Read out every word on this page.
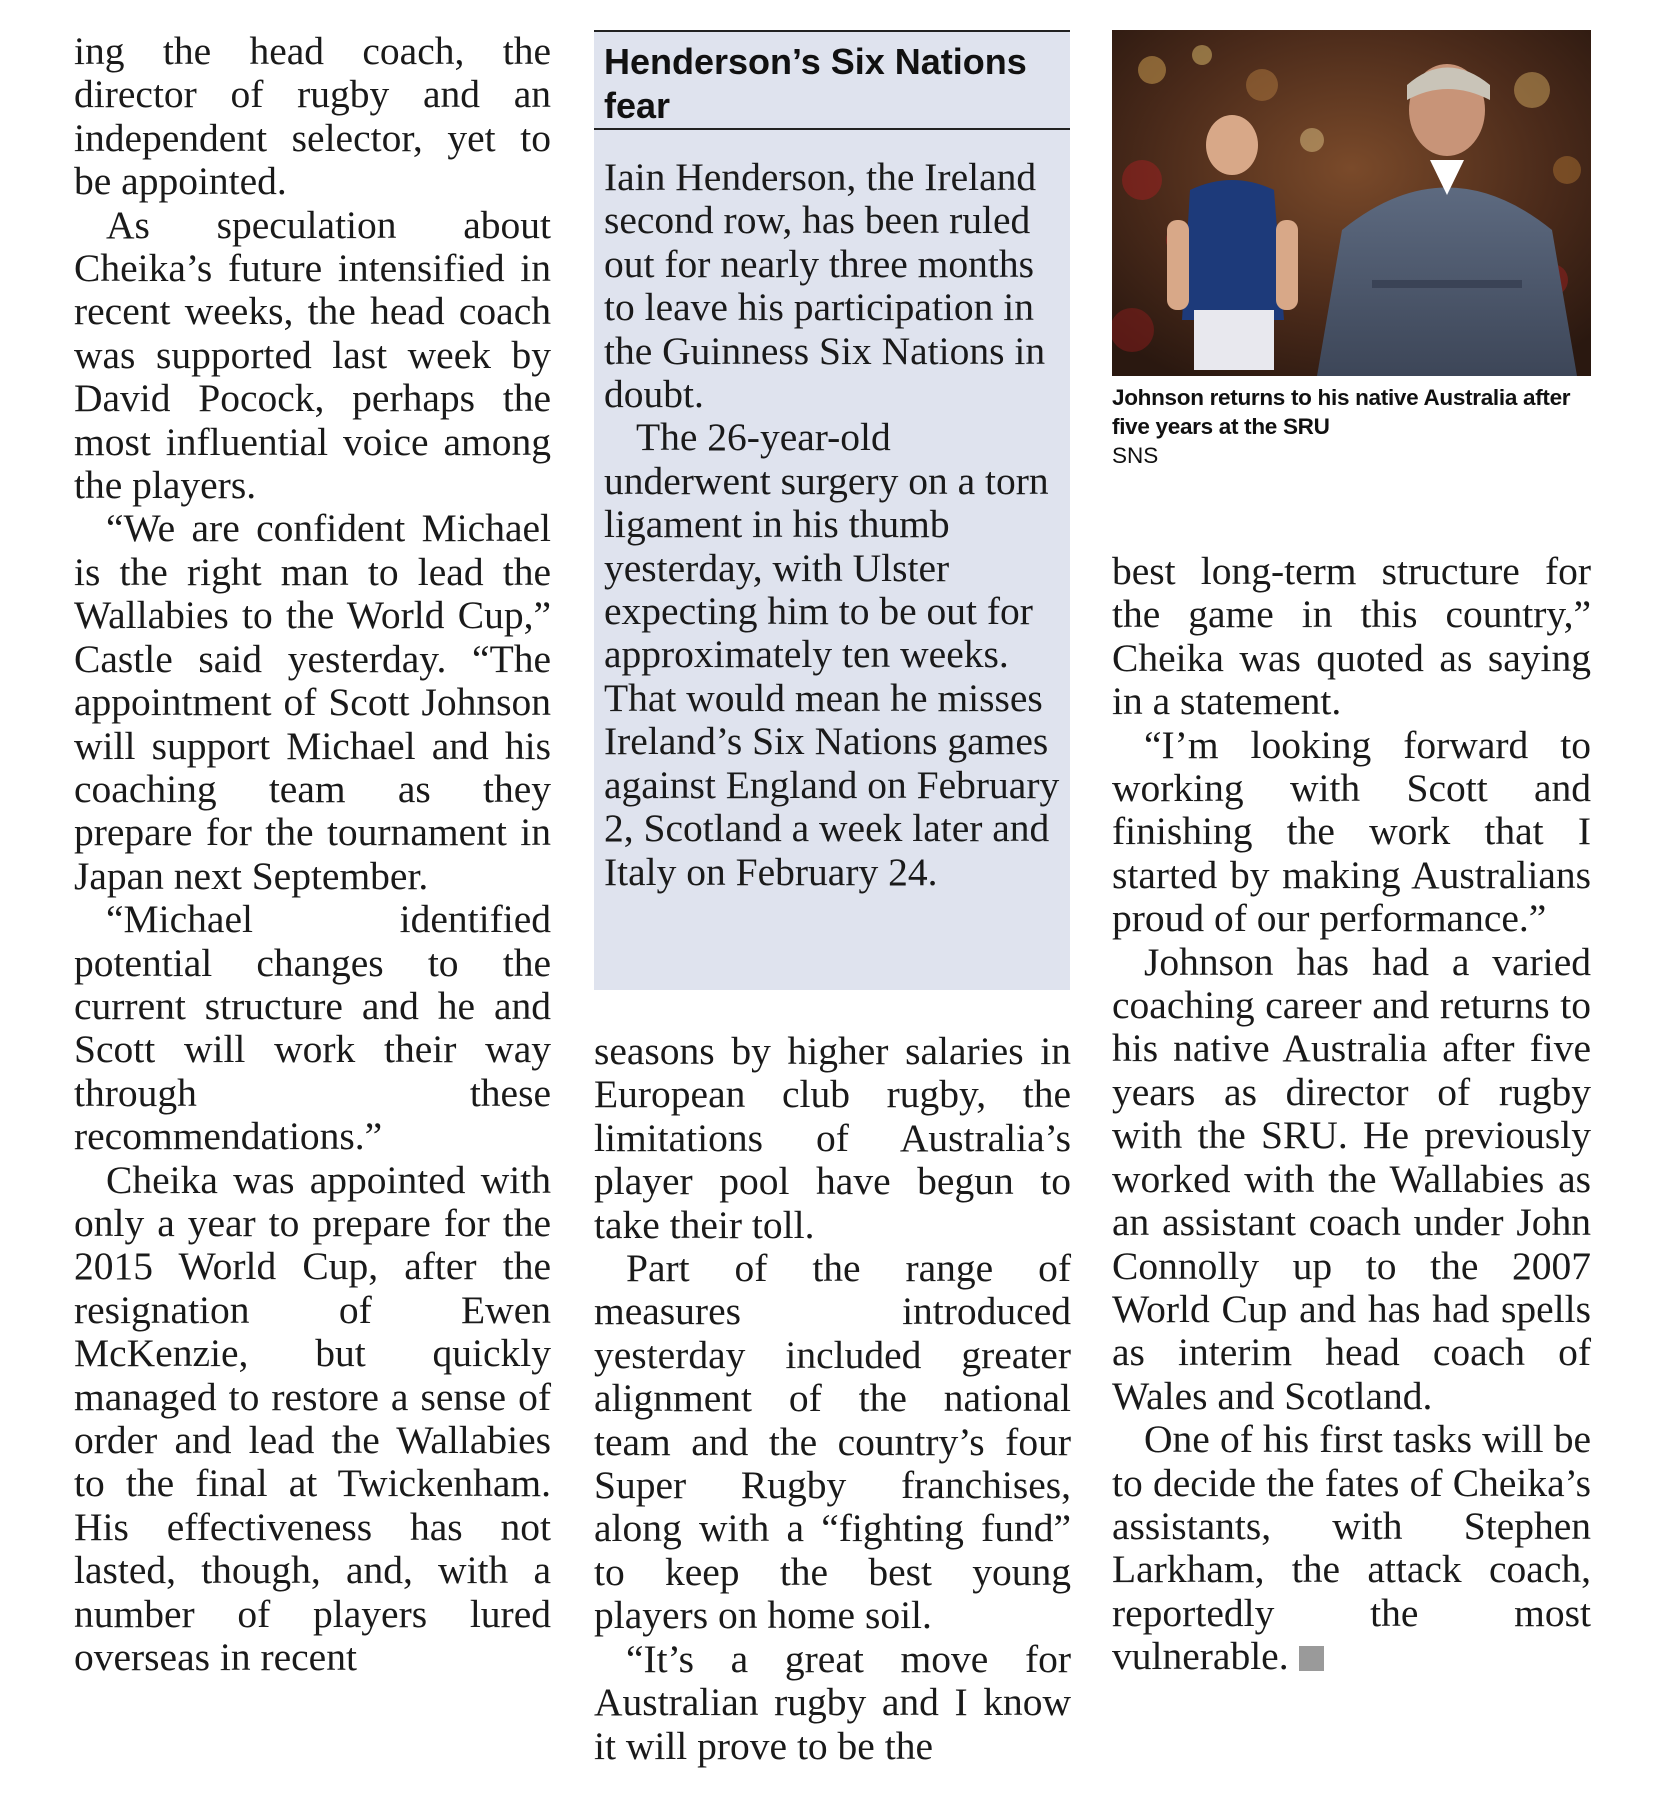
ing the head coach, the director of rugby and an independent selector, yet to be appointed.

As speculation about Cheika’s future intensified in recent weeks, the head coach was supported last week by David Pocock, perhaps the most influential voice among the players.

“We are confident Michael is the right man to lead the Wallabies to the World Cup,” Castle said yesterday. “The appointment of Scott Johnson will support Michael and his coaching team as they prepare for the tournament in Japan next September.

“Michael identified potential changes to the current structure and he and Scott will work their way through these recommendations.”

Cheika was appointed with only a year to prepare for the 2015 World Cup, after the resignation of Ewen McKenzie, but quickly managed to restore a sense of order and lead the Wallabies to the final at Twickenham. His effectiveness has not lasted, though, and, with a number of players lured overseas in recent

Henderson’s Six Nations fear

Iain Henderson, the Ireland second row, has been ruled out for nearly three months to leave his participation in the Guinness Six Nations in doubt.

The 26-year-old underwent surgery on a torn ligament in his thumb yesterday, with Ulster expecting him to be out for approximately ten weeks. That would mean he misses Ireland’s Six Nations games against England on February 2, Scotland a week later and Italy on February 24.

seasons by higher salaries in European club rugby, the limitations of Australia’s player pool have begun to take their toll.

Part of the range of measures introduced yesterday included greater alignment of the national team and the country’s four Super Rugby franchises, along with a “fighting fund” to keep the best young players on home soil.

“It’s a great move for Australian rugby and I know it will prove to be the

Johnson returns to his native Australia after five years at the SRU
SNS

best long-term structure for the game in this country,” Cheika was quoted as saying in a statement.

“I’m looking forward to working with Scott and finishing the work that I started by making Australians proud of our performance.”

Johnson has had a varied coaching career and returns to his native Australia after five years as director of rugby with the SRU. He previously worked with the Wallabies as an assistant coach under John Connolly up to the 2007 World Cup and has had spells as interim head coach of Wales and Scotland.

One of his first tasks will be to decide the fates of Cheika’s assistants, with Stephen Larkham, the attack coach, reportedly the most vulnerable.
